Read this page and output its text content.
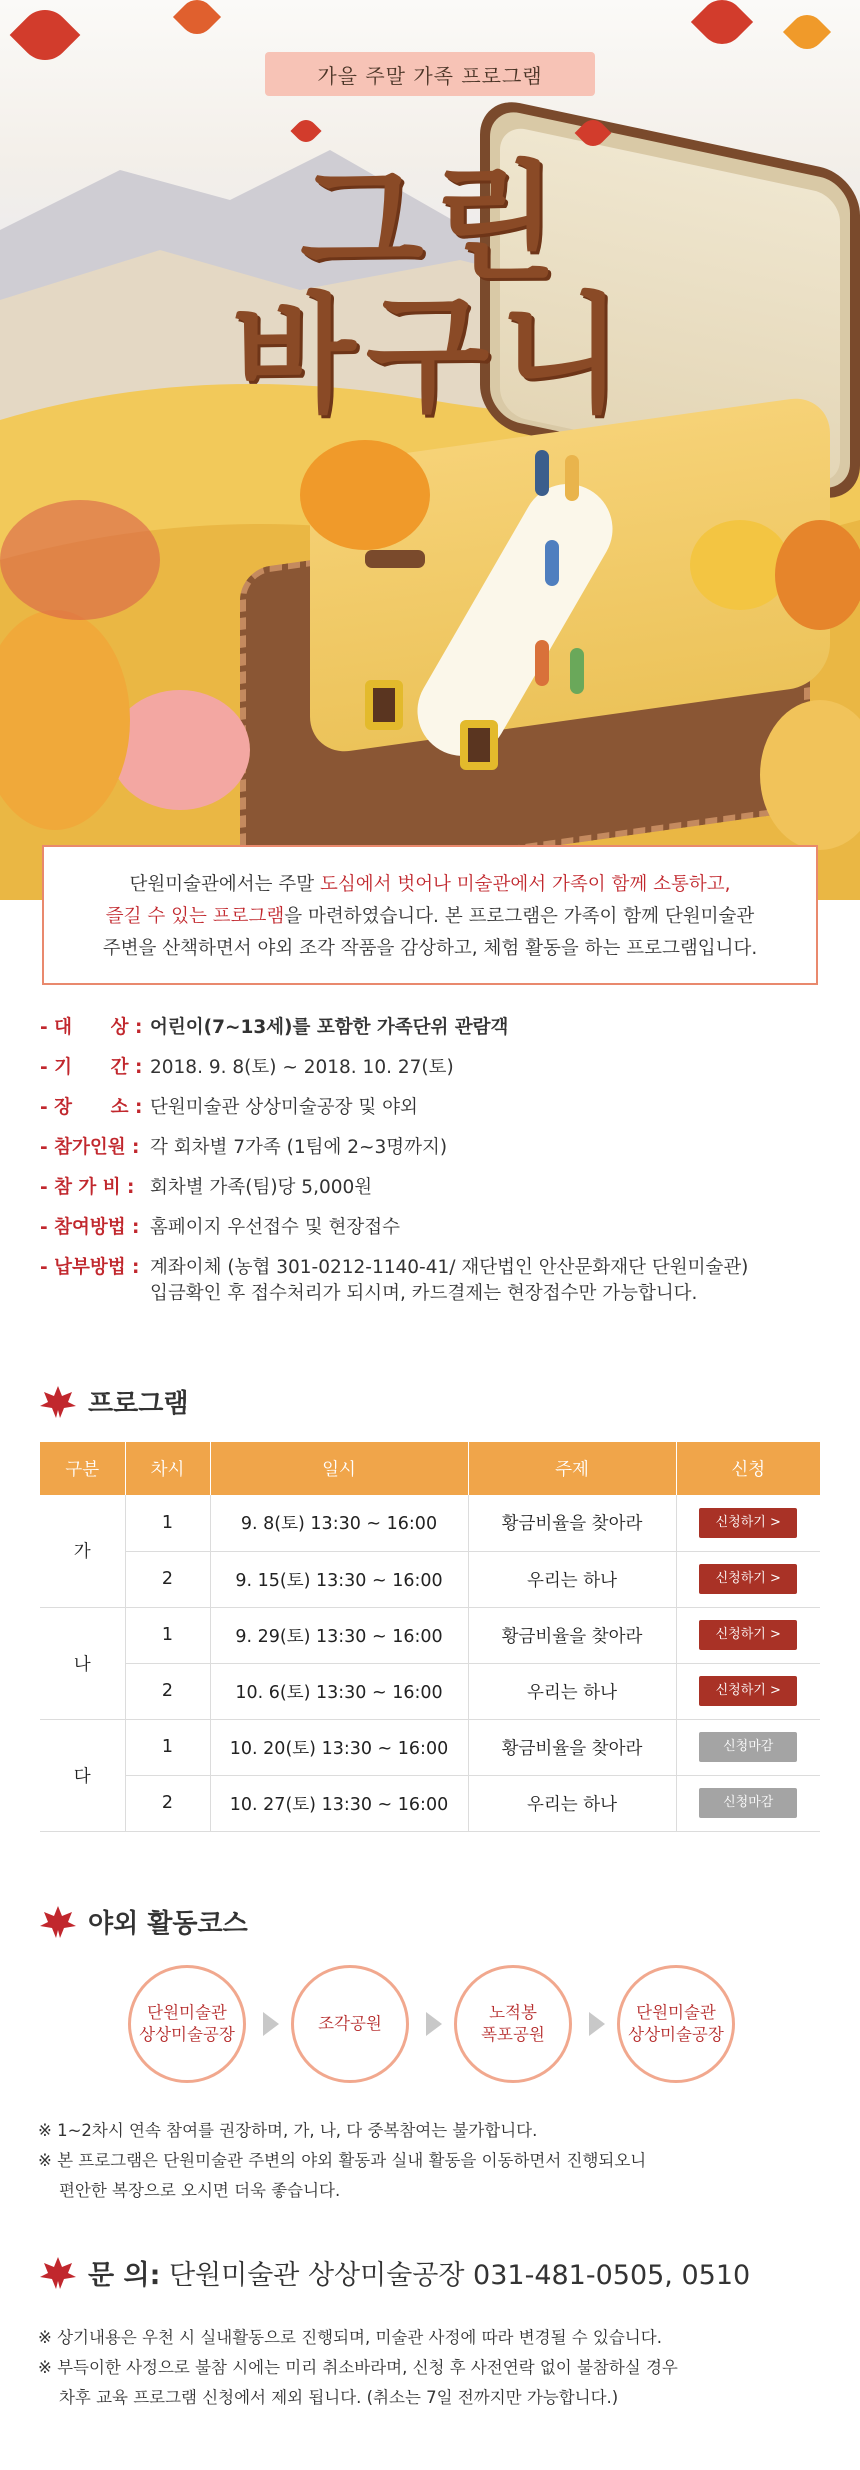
가을 주말 가족 프로그램
그린
바구니
단원미술관에서는 주말 도심에서 벗어나 미술관에서 가족이 함께 소통하고,
즐길 수 있는 프로그램을 마련하였습니다. 본 프로그램은 가족이 함께 단원미술관
주변을 산책하면서 야외 조각 작품을 감상하고, 체험 활동을 하는 프로그램입니다.
- 대      상 : 어린이(7~13세)를 포함한 가족단위 관람객
- 기      간 : 2018. 9. 8(토) ~ 2018. 10. 27(토)
- 장      소 : 단원미술관 상상미술공장 및 야외
- 참가인원 : 각 회차별 7가족 (1팀에 2~3명까지)
- 참 가 비 : 회차별 가족(팀)당 5,000원
- 참여방법 : 홈페이지 우선접수 및 현장접수
- 납부방법 : 계좌이체 (농협 301-0212-1140-41/ 재단법인 안산문화재단 단원미술관)
입금확인 후 접수처리가 되시며, 카드결제는 현장접수만 가능합니다.
프로그램
구분	차시	일시	주제	신청
가	1	9. 8(토) 13:30 ~ 16:00	황금비율을 찾아라	신청하기 >
	2	9. 15(토) 13:30 ~ 16:00	우리는 하나	신청하기 >
나	1	9. 29(토) 13:30 ~ 16:00	황금비율을 찾아라	신청하기 >
	2	10. 6(토) 13:30 ~ 16:00	우리는 하나	신청하기 >
다	1	10. 20(토) 13:30 ~ 16:00	황금비율을 찾아라	신청마감
	2	10. 27(토) 13:30 ~ 16:00	우리는 하나	신청마감
야외 활동코스
단원미술관
상상미술공장
조각공원
노적봉
폭포공원
단원미술관
상상미술공장

※ 1~2차시 연속 참여를 권장하며, 가, 나, 다 중복참여는 불가합니다.

※ 본 프로그램은 단원미술관 주변의 야외 활동과 실내 활동을 이동하면서 진행되오니

편안한 복장으로 오시면 더욱 좋습니다.

문 의: 단원미술관 상상미술공장 031-481-0505, 0510

※ 상기내용은 우천 시 실내활동으로 진행되며, 미술관 사정에 따라 변경될 수 있습니다.

※ 부득이한 사정으로 불참 시에는 미리 취소바라며, 신청 후 사전연락 없이 불참하실 경우

차후 교육 프로그램 신청에서 제외 됩니다. (취소는 7일 전까지만 가능합니다.)
